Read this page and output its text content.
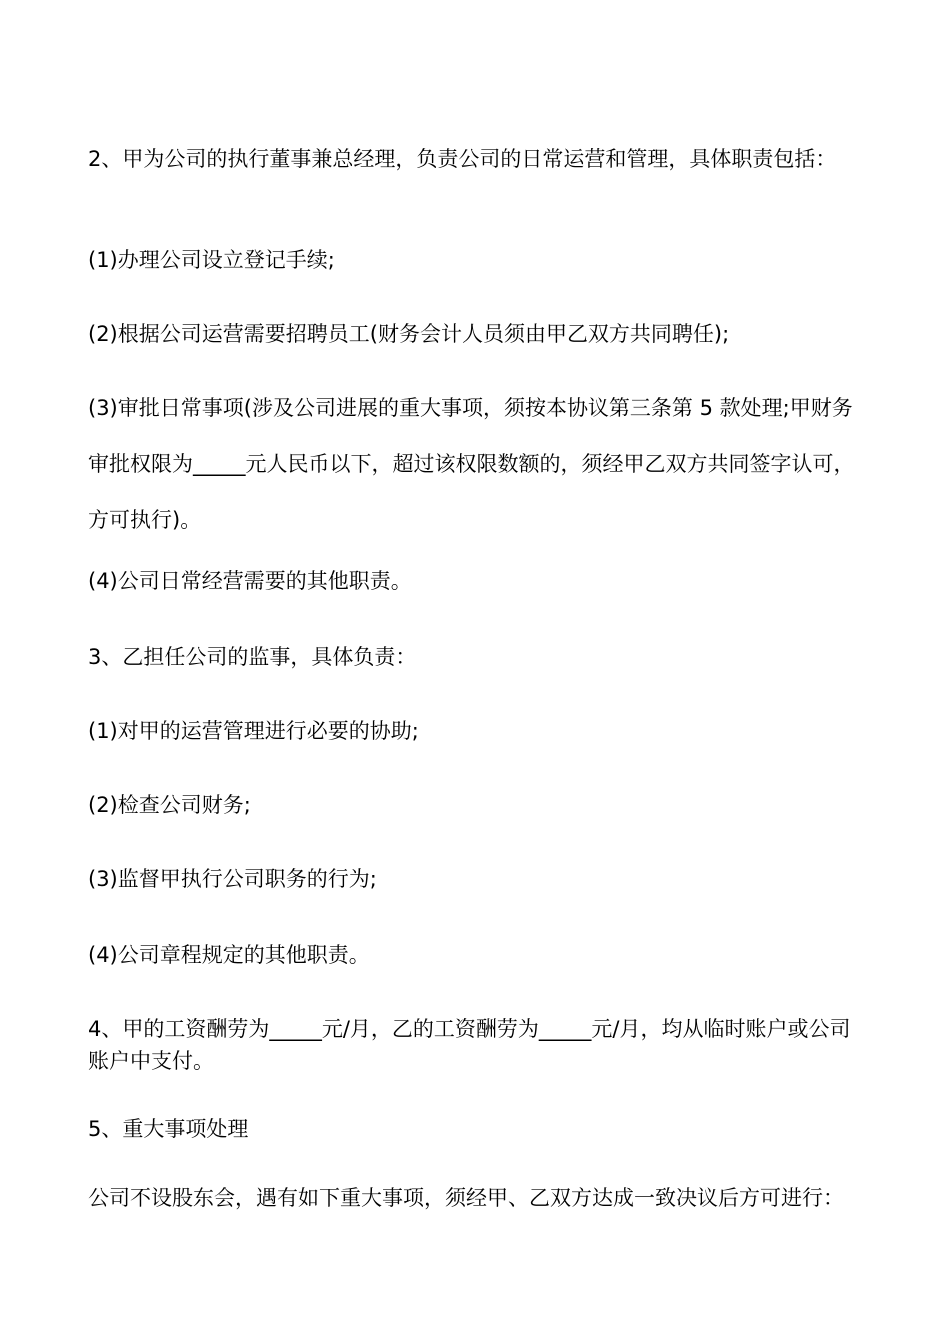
2、甲为公司的执行董事兼总经理，负责公司的日常运营和管理，具体职责包括：

(1)办理公司设立登记手续;

(2)根据公司运营需要招聘员工(财务会计人员须由甲乙双方共同聘任);

(3)审批日常事项(涉及公司进展的重大事项，须按本协议第三条第 5 款处理;甲财务审批权限为_____元人民币以下，超过该权限数额的，须经甲乙双方共同签字认可，方可执行)。

(4)公司日常经营需要的其他职责。

3、乙担任公司的监事，具体负责：

(1)对甲的运营管理进行必要的协助;

(2)检查公司财务;

(3)监督甲执行公司职务的行为;

(4)公司章程规定的其他职责。

4、甲的工资酬劳为_____元/月，乙的工资酬劳为_____元/月，均从临时账户或公司账户中支付。

5、重大事项处理

公司不设股东会，遇有如下重大事项，须经甲、乙双方达成一致决议后方可进行：
